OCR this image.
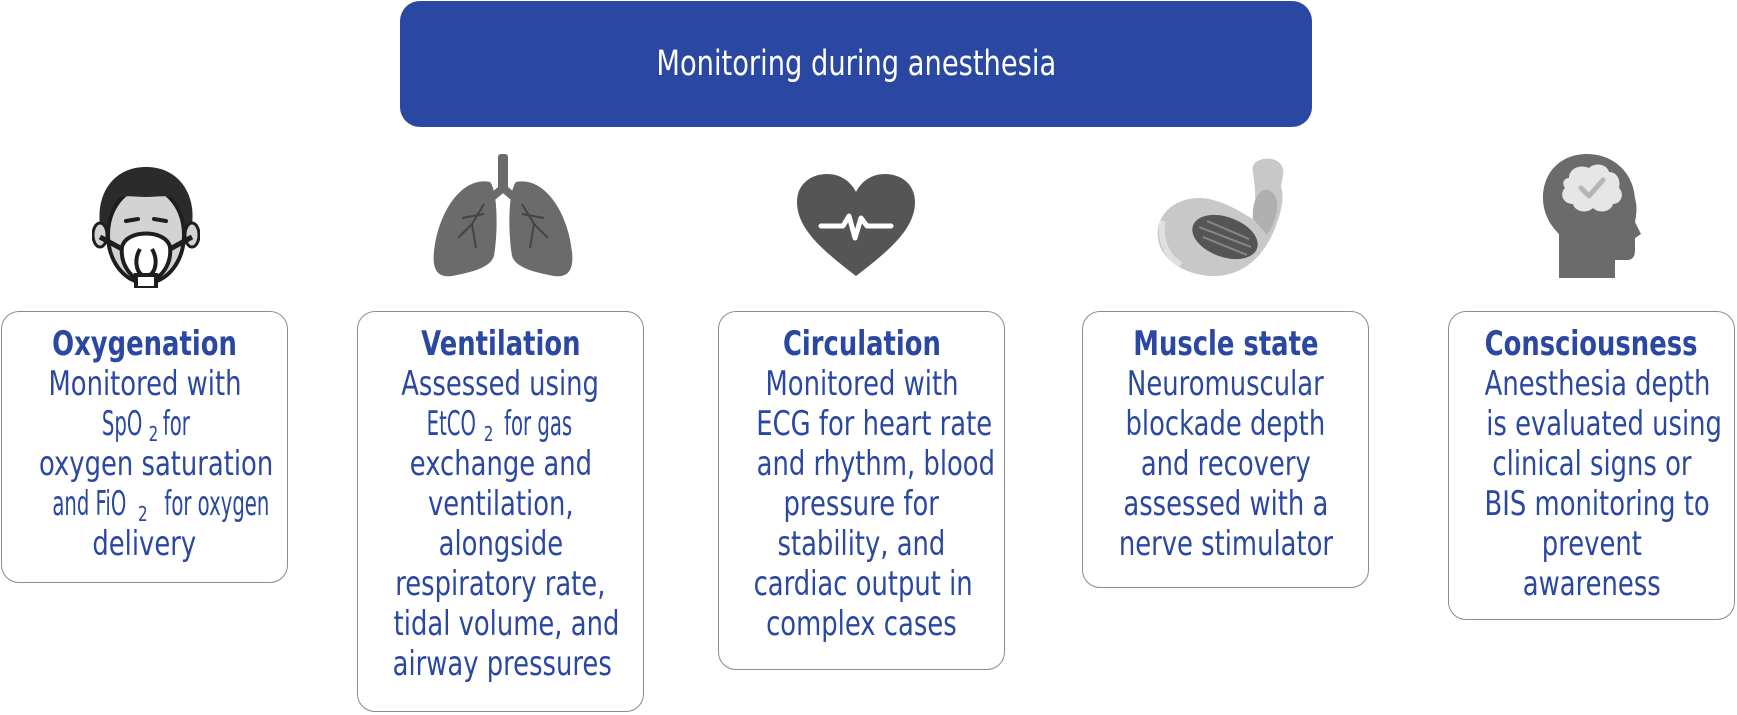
Monitoring during anesthesia
Oxygenation
Monitored with
SpO $_2$for
oxygen saturation
and FiO $_2$for oxygen
delivery
Ventilation
Assessed using
EtCO $_2$for gas
exchange and
ventilation,
alongside
respiratory rate,
tidal volume, and
airway pressures
Circulation
Monitored with
ECG for heart rate
and rhythm, blood
pressure for
stability, and
cardiac output in
complex cases
Muscle state
Neuromuscular
blockade depth
and recovery
assessed with a
nerve stimulator
Consciousness
Anesthesia depth
is evaluated using
clinical signs or
BIS monitoring to
prevent
awareness
